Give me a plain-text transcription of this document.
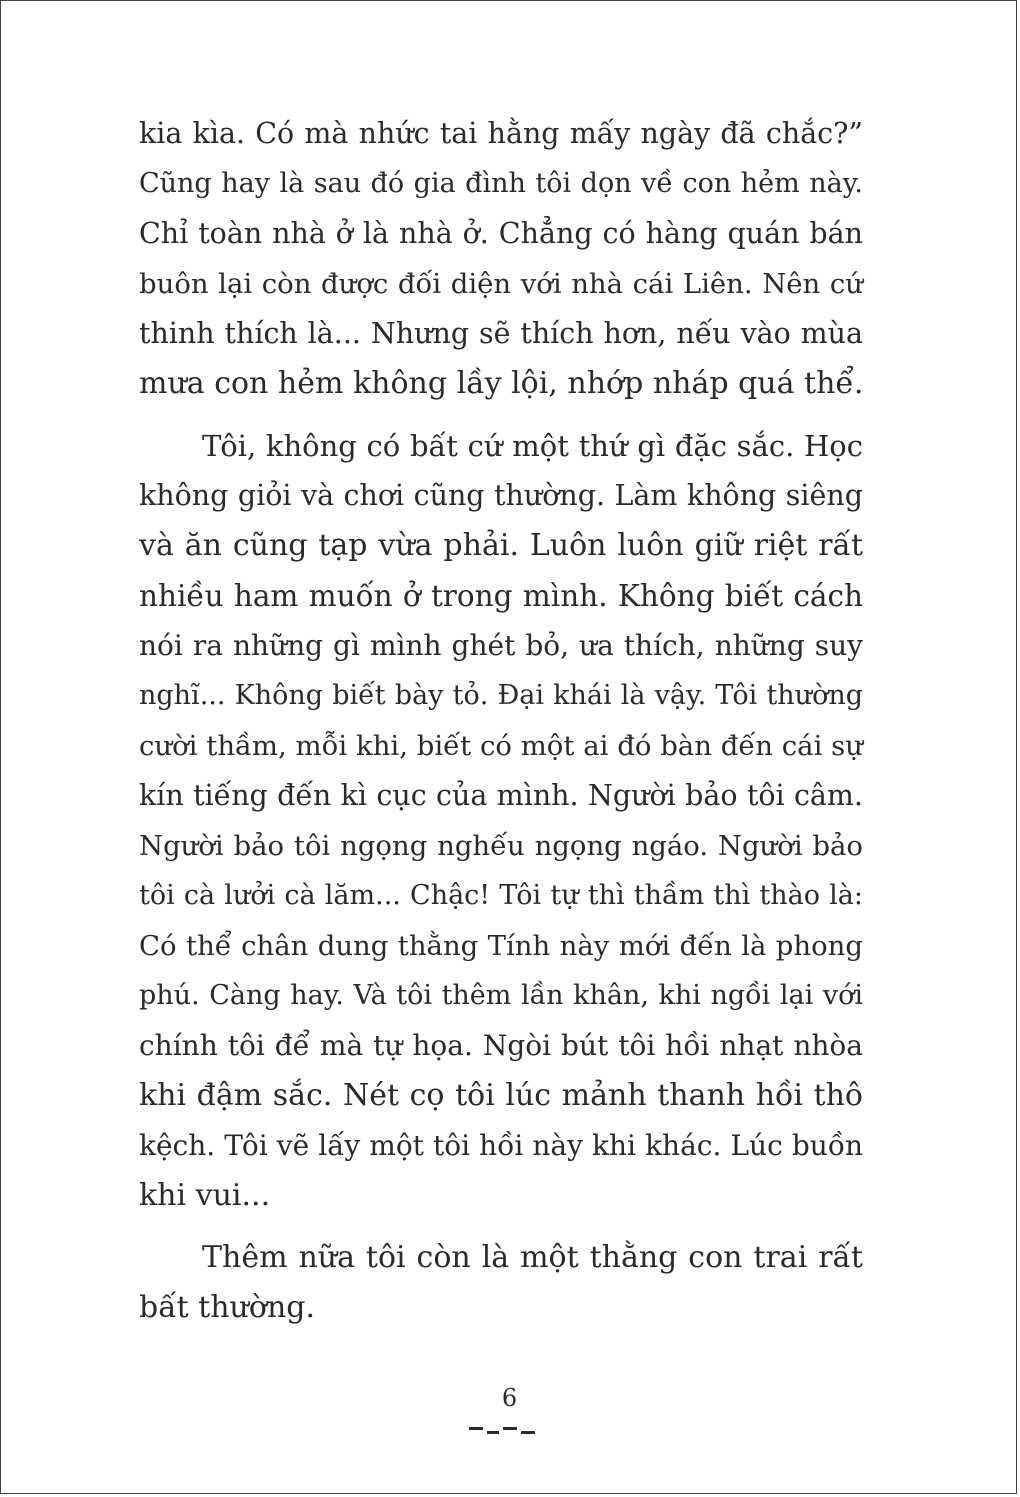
kia kìa. Có mà nhức tai hằng mấy ngày đã chắc?”

Cũng hay là sau đó gia đình tôi dọn về con hẻm này.

Chỉ toàn nhà ở là nhà ở. Chẳng có hàng quán bán

buôn lại còn được đối diện với nhà cái Liên. Nên cứ

thinh thích là... Nhưng sẽ thích hơn, nếu vào mùa

mưa con hẻm không lầy lội, nhớp nháp quá thể.

Tôi, không có bất cứ một thứ gì đặc sắc. Học

không giỏi và chơi cũng thường. Làm không siêng

và ăn cũng tạp vừa phải. Luôn luôn giữ riệt rất

nhiều ham muốn ở trong mình. Không biết cách

nói ra những gì mình ghét bỏ, ưa thích, những suy

nghĩ... Không biết bày tỏ. Đại khái là vậy. Tôi thường

cười thầm, mỗi khi, biết có một ai đó bàn đến cái sự

kín tiếng đến kì cục của mình. Người bảo tôi câm.

Người bảo tôi ngọng nghếu ngọng ngáo. Người bảo

tôi cà lưởi cà lăm... Chậc! Tôi tự thì thầm thì thào là:

Có thể chân dung thằng Tính này mới đến là phong

phú. Càng hay. Và tôi thêm lần khân, khi ngồi lại với

chính tôi để mà tự họa. Ngòi bút tôi hồi nhạt nhòa

khi đậm sắc. Nét cọ tôi lúc mảnh thanh hồi thô

kệch. Tôi vẽ lấy một tôi hồi này khi khác. Lúc buồn

khi vui...

Thêm nữa tôi còn là một thằng con trai rất

bất thường.

6
